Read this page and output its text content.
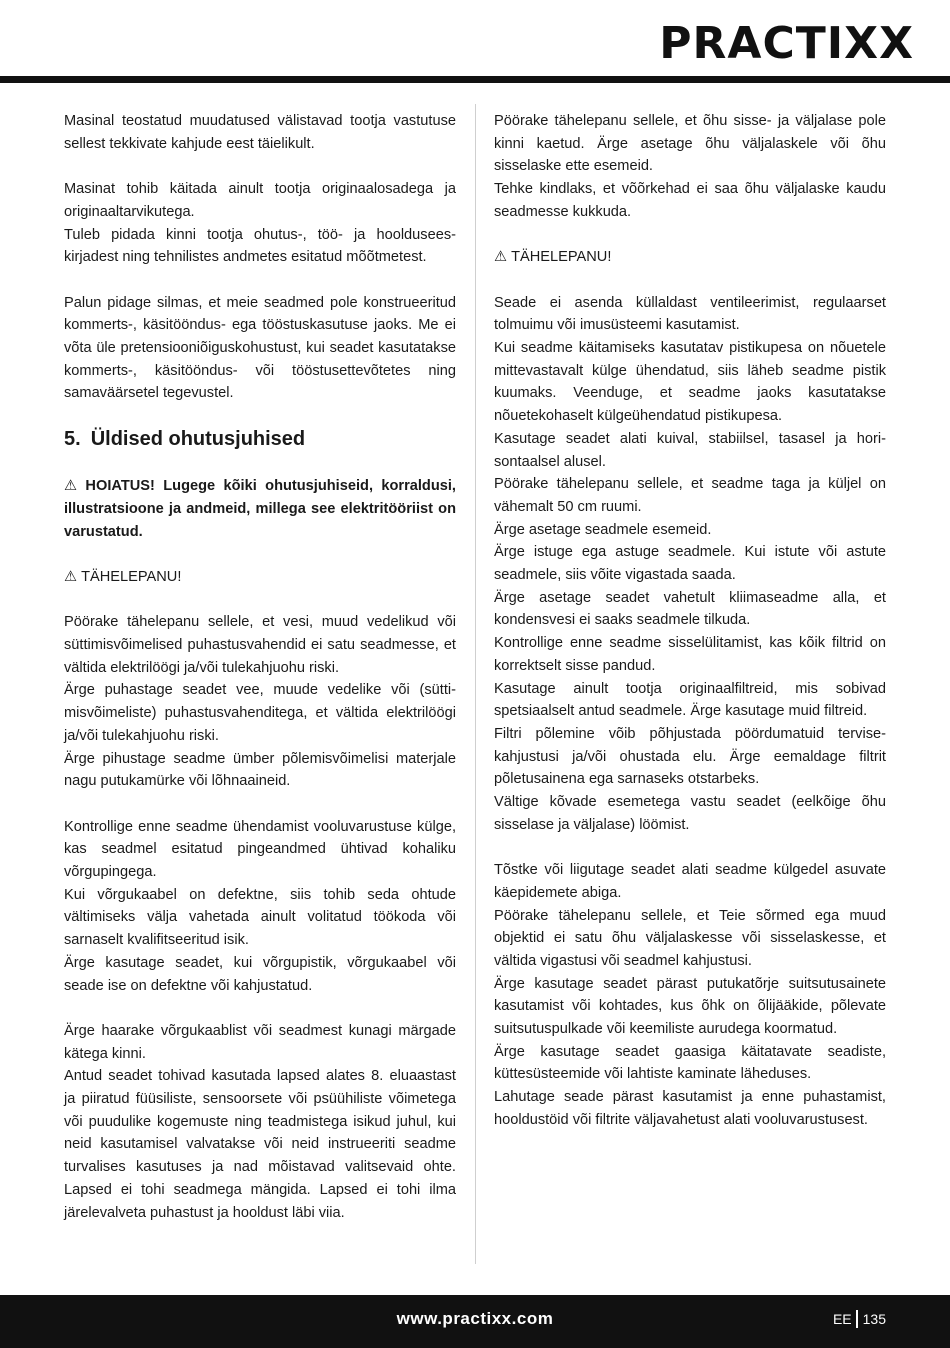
PRACTIXX

Masinal teostatud muudatused välistavad tootja vastutuse sellest tekkivate kahjude eest täielikult.

Masinat tohib käitada ainult tootja originaalosadega ja originaaltarvikutega.

Tuleb pidada kinni tootja ohutus-, töö- ja hoolduseeskirjadest ning tehnilistes andmetes esitatud mõõtmetest.

Palun pidage silmas, et meie seadmed pole konstrueeritud kommerts-, käsitööndus- ega tööstuskasutuse jaoks. Me ei võta üle pretensiooniõiguskohustust, kui seadet kasutatakse kommerts-, käsitööndus- või tööstusettevõtetes ning samaväärsetel tegevustel.

5. Üldised ohutusjuhised

⚠ HOIATUS! Lugege kõiki ohutusjuhiseid, korraldusi, illustratsioone ja andmeid, millega see elektritööriist on varustatud.

⚠ TÄHELEPANU!

Pöörake tähelepanu sellele, et vesi, muud vedelikud või süttimisvõimelised puhastusvahendid ei satu seadmesse, et vältida elektrilöögi ja/või tulekahjuohu riski.

Ärge puhastage seadet vee, muude vedelike või (süttimisvõimeliste) puhastusvahenditega, et vältida elektrilöögi ja/või tulekahjuohu riski.

Ärge pihustage seadme ümber põlemisvõimelisi materjale nagu putukamürke või lõhnaaineid.

Kontrollige enne seadme ühendamist vooluvarustuse külge, kas seadmel esitatud pingeandmed ühtivad kohaliku võrgupingega.

Kui võrgukaabel on defektne, siis tohib seda ohtude vältimiseks välja vahetada ainult volitatud töökoda või sarnaselt kvalifitseeritud isik.

Ärge kasutage seadet, kui võrgupistik, võrgukaabel või seade ise on defektne või kahjustatud.

Ärge haarake võrgukaablist või seadmest kunagi märgade kätega kinni.

Antud seadet tohivad kasutada lapsed alates 8. eluaastast ja piiratud füüsiliste, sensoorsete või psüühiliste võimetega või puudulike kogemuste ning teadmistega isikud juhul, kui neid kasutamisel valvatakse või neid instrueeriti seadme turvalises kasutuses ja nad mõistavad valitsevaid ohte. Lapsed ei tohi seadmega mängida. Lapsed ei tohi ilma järelevalveta puhastust ja hooldust läbi viia.

Pöörake tähelepanu sellele, et õhu sisse- ja väljalase pole kinni kaetud. Ärge asetage õhu väljalaskele või õhu sisselaske ette esemeid.

Tehke kindlaks, et võõrkehad ei saa õhu väljalaske kaudu seadmesse kukkuda.

⚠ TÄHELEPANU!

Seade ei asenda küllaldast ventileerimist, regulaarset tolmuimu või imusüsteemi kasutamist.

Kui seadme käitamiseks kasutatav pistikupesa on nõuetele mittevastavalt külge ühendatud, siis läheb seadme pistik kuumaks. Veenduge, et seadme jaoks kasutatakse nõuetekohaselt külgeühendatud pistikupesa.

Kasutage seadet alati kuival, stabiilsel, tasasel ja horisontaalsel alusel.

Pöörake tähelepanu sellele, et seadme taga ja küljel on vähemalt 50 cm ruumi.

Ärge asetage seadmele esemeid.

Ärge istuge ega astuge seadmele. Kui istute või astute seadmele, siis võite vigastada saada.

Ärge asetage seadet vahetult kliimaseadme alla, et kondensvesi ei saaks seadmele tilkuda.

Kontrollige enne seadme sisselülitamist, kas kõik filtrid on korrektselt sisse pandud.

Kasutage ainult tootja originaalfiltreid, mis sobivad spetsiaalselt antud seadmele. Ärge kasutage muid filtreid.

Filtri põlemine võib põhjustada pöördumatuid tervisekahjustusi ja/või ohustada elu. Ärge eemaldage filtrit põletusainena ega sarnaseks otstarbeks.

Vältige kõvade esemetega vastu seadet (eelkõige õhu sisselase ja väljalase) löömist.

Tõstke või liigutage seadet alati seadme külgedel asuvate käepidemete abiga.

Pöörake tähelepanu sellele, et Teie sõrmed ega muud objektid ei satu õhu väljalaskesse või sisselaskesse, et vältida vigastusi või seadmel kahjustusi.

Ärge kasutage seadet pärast putukatõrje suitsutusainete kasutamist või kohtades, kus õhk on õlijääkide, põlevate suitsutuspulkade või keemiliste aurudega koormatud.

Ärge kasutage seadet gaasiga käitatavate seadiste, küttesüsteemide või lahtiste kaminate läheduses.

Lahutage seade pärast kasutamist ja enne puhastamist, hooldustöid või filtrite väljavahetust alati vooluvarustusest.

www.practixx.com	EE 135
